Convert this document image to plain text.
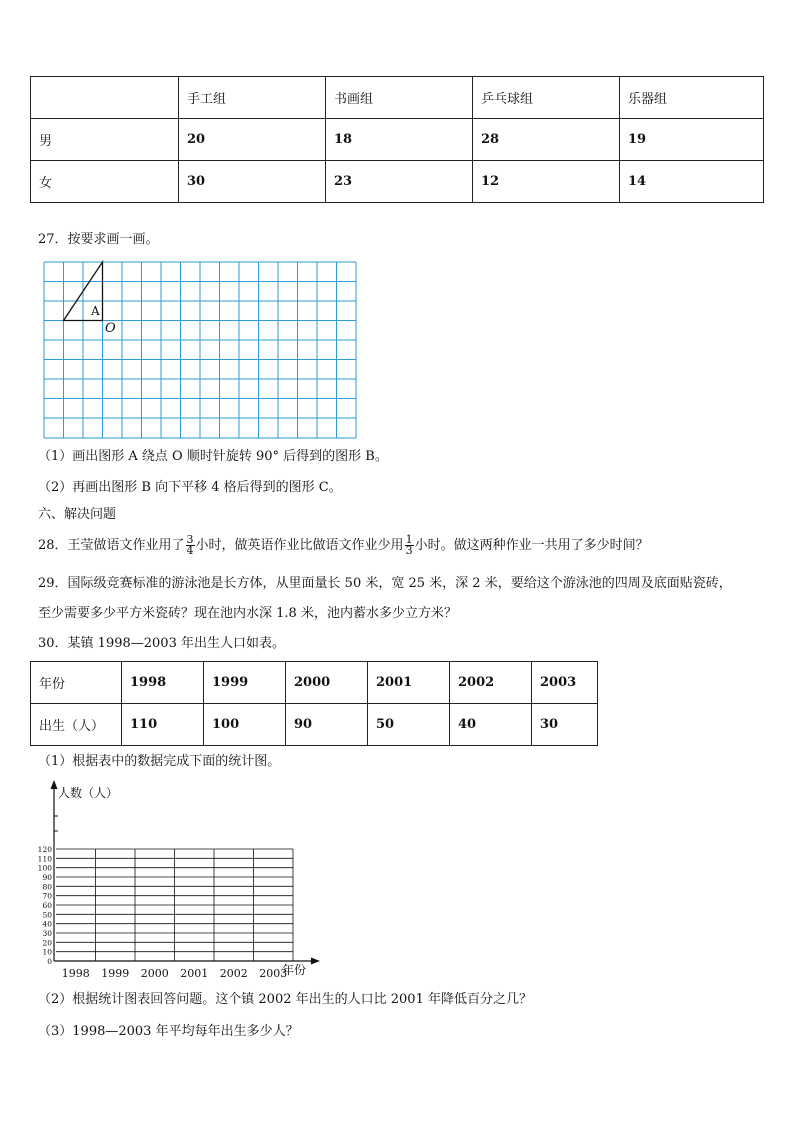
	手工组	书画组	乒乓球组	乐器组
男	20	18	28	19
女	30	23	12	14
27．按要求画一画。
A
O
（1）画出图形 A 绕点 O 顺时针旋转 90° 后得到的图形 B。
（2）再画出图形 B 向下平移 4 格后得到的图形 C。
六、解决问题
28．王莹做语文作业用了 $\frac{3}{4}$ 小时，做英语作业比做语文作业少用 $\frac{1}{3}$ 小时。做这两种作业一共用了多少时间？
29．国际级竞赛标准的游泳池是长方体，从里面量长 50 米，宽 25 米，深 2 米，要给这个游泳池的四周及底面贴瓷砖，
至少需要多少平方米瓷砖？现在池内水深 1.8 米，池内蓄水多少立方米？
30．某镇 1998—2003 年出生人口如表。
年份	1998	1999	2000	2001	2002	2003
出生（人）	110	100	90	50	40	30
（1）根据表中的数据完成下面的统计图。
人数（人）
年份
0
10
20
30
40
50
60
70
80
90
100
110
120
1998 1999 2000 2001 2002 2003
（2）根据统计图表回答问题。这个镇 2002 年出生的人口比 2001 年降低百分之几？
（3）1998—2003 年平均每年出生多少人？
